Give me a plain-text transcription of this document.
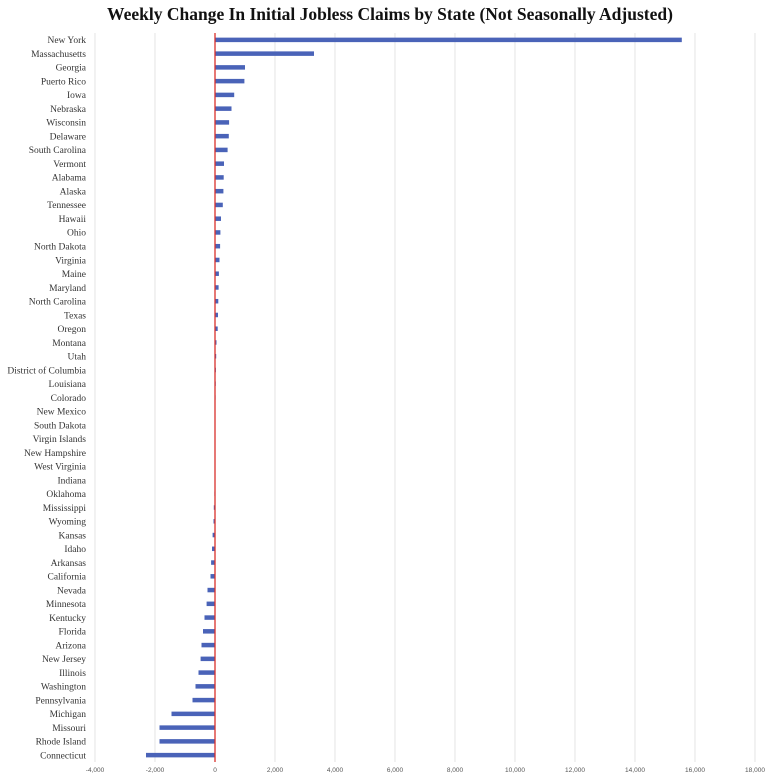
Weekly Change In Initial Jobless Claims by State (Not Seasonally Adjusted)
New York
Massachusetts
Georgia
Puerto Rico
Iowa
Nebraska
Wisconsin
Delaware
South Carolina
Vermont
Alabama
Alaska
Tennessee
Hawaii
Ohio
North Dakota
Virginia
Maine
Maryland
North Carolina
Texas
Oregon
Montana
Utah
District of Columbia
Louisiana
Colorado
New Mexico
South Dakota
Virgin Islands
New Hampshire
West Virginia
Indiana
Oklahoma
Mississippi
Wyoming
Kansas
Idaho
Arkansas
California
Nevada
Minnesota
Kentucky
Florida
Arizona
New Jersey
Illinois
Washington
Pennsylvania
Michigan
Missouri
Rhode Island
Connecticut
-4,000	-2,000	0	2,000	4,000	6,000	8,000	10,000	12,000	14,000	16,000	18,000
